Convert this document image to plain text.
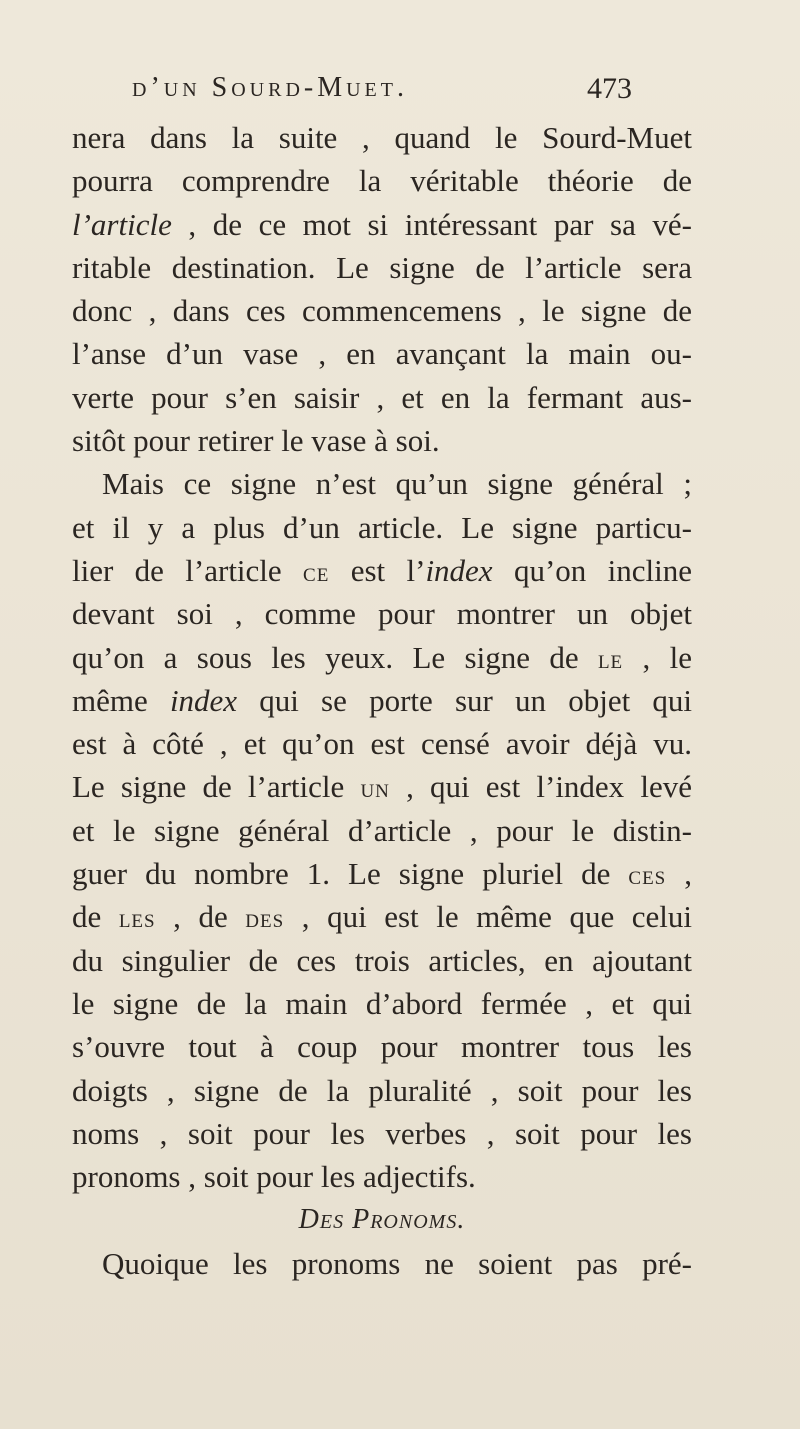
d’un Sourd-Muet.	473
nera dans la suite , quand le Sourd-Muet
pourra comprendre la véritable théorie de
l’article , de ce mot si intéressant par sa vé-
ritable destination. Le signe de l’article sera
donc , dans ces commencemens , le signe de
l’anse d’un vase , en avançant la main ou-
verte pour s’en saisir , et en la fermant aus-
sitôt pour retirer le vase à soi.
Mais ce signe n’est qu’un signe général ;
et il y a plus d’un article. Le signe particu-
lier de l’article ce est l’index qu’on incline
devant soi , comme pour montrer un objet
qu’on a sous les yeux. Le signe de le , le
même index qui se porte sur un objet qui
est à côté , et qu’on est censé avoir déjà vu.
Le signe de l’article un , qui est l’index levé
et le signe général d’article , pour le distin-
guer du nombre 1. Le signe pluriel de ces ,
de les , de des , qui est le même que celui
du singulier de ces trois articles, en ajoutant
le signe de la main d’abord fermée , et qui
s’ouvre tout à coup pour montrer tous les
doigts , signe de la pluralité , soit pour les
noms , soit pour les verbes , soit pour les
pronoms , soit pour les adjectifs.
Des Pronoms.
Quoique les pronoms ne soient pas pré-
